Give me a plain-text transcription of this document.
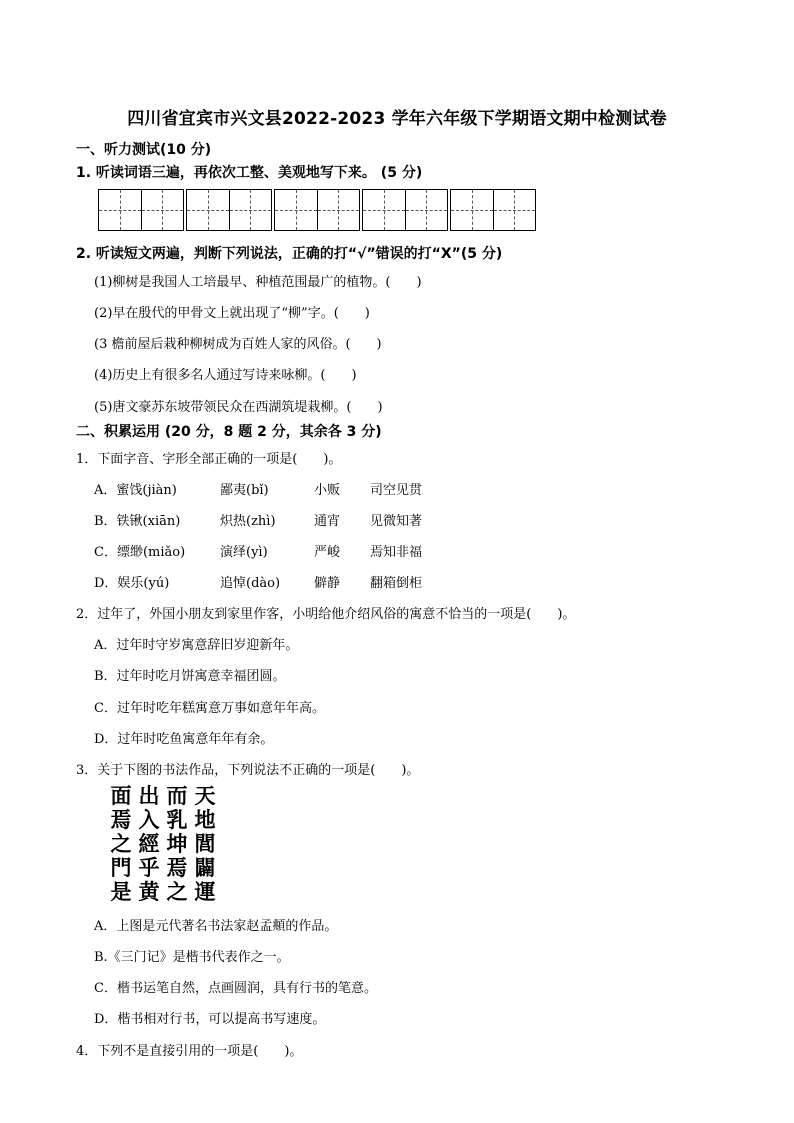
四川省宜宾市兴文县2022-2023 学年六年级下学期语文期中检测试卷
一、听力测试(10 分)
1. 听读词语三遍，再依次工整、美观地写下来。 (5 分)
2. 听读短文两遍，判断下列说法，正确的打“√”错误的打“X”(5 分)
(1)柳树是我国人工培最早、种植范围最广的植物。(　　)
(2)早在殷代的甲骨文上就出现了“柳”字。(　　)
(3 檐前屋后栽种柳树成为百姓人家的风俗。(　　)
(4)历史上有很多名人通过写诗来咏柳。(　　)
(5)唐文豪苏东坡带领民众在西湖筑堤栽柳。(　　)
二、积累运用 (20 分，8 题 2 分，其余各 3 分)
1．下面字音、字形全部正确的一项是(　　)。
A．蜜饯(jiàn)	鄙夷(bǐ)	小贩 司空见贯
B．铁锹(xiān)	炽热(zhì)	通宵 见微知著
C．缥缈(miǎo)	演绎(yì)	严峻 焉知非福
D．娱乐(yú)	追悼(dào)	僻静 翻箱倒柜
2．过年了，外国小朋友到家里作客，小明给他介绍风俗的寓意不恰当的一项是(　　)。
A．过年时守岁寓意辞旧岁迎新年。
B．过年时吃月饼寓意幸福团圆。
C．过年时吃年糕寓意万事如意年年高。
D．过年时吃鱼寓意年年有余。
3．关于下图的书法作品，下列说法不正确的一项是(　　)。
天
地
閭
闢
運
而
乳
坤
焉
之
出
入
經
乎
黄
面
焉
之
門
是
A．上图是元代著名书法家赵孟頫的作品。
B.《三门记》是楷书代表作之一。
C．楷书运笔自然，点画圆润，具有行书的笔意。
D．楷书相对行书，可以提高书写速度。
4．下列不是直接引用的一项是(　　)。
